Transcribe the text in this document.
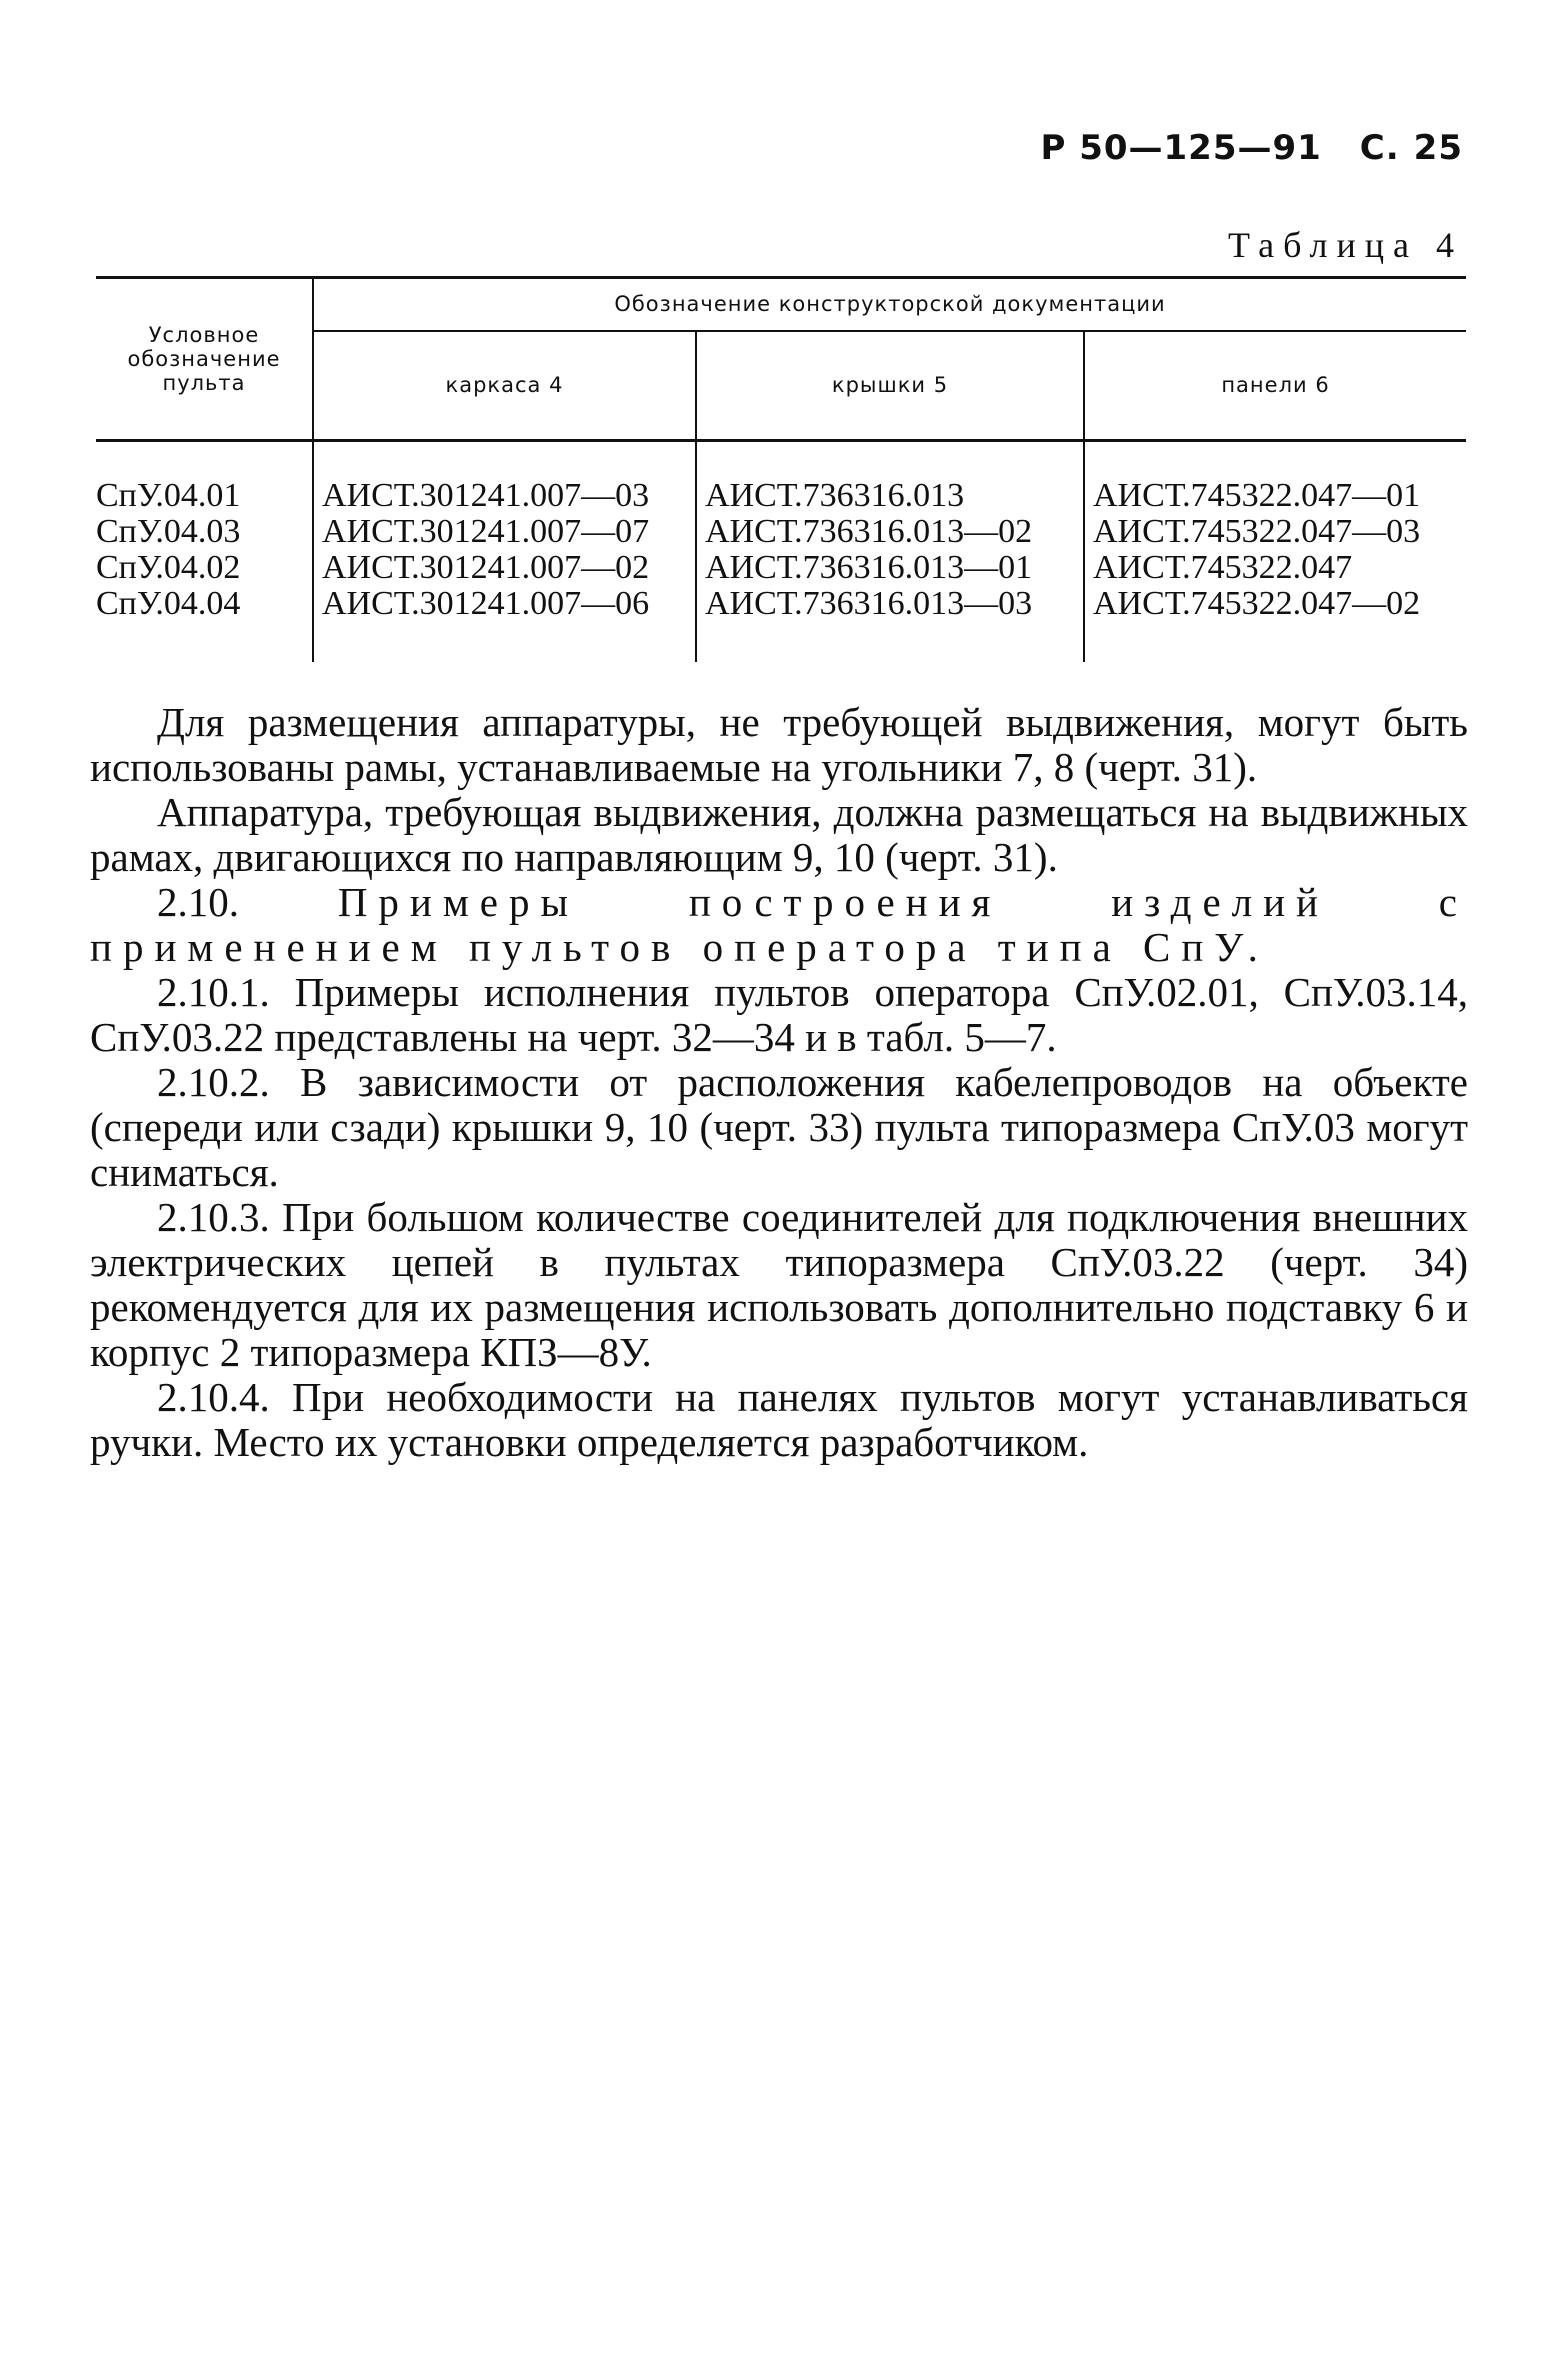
Р 50—125—91 С. 25
Таблица 4
Условное обозначение пульта	Обозначение конструкторской документации		
	каркаса 4	крышки 5	панели 6
СпУ.04.01	АИСТ.301241.007—03	АИСТ.736316.013	АИСТ.745322.047—01
СпУ.04.03	АИСТ.301241.007—07	АИСТ.736316.013—02	АИСТ.745322.047—03
СпУ.04.02	АИСТ.301241.007—02	АИСТ.736316.013—01	АИСТ.745322.047
СпУ.04.04	АИСТ.301241.007—06	АИСТ.736316.013—03	АИСТ.745322.047—02

Для размещения аппаратуры, не требующей выдвижения, могут быть использованы рамы, устанавливаемые на угольники 7, 8 (черт. 31).

Аппаратура, требующая выдвижения, должна размещаться на выдвижных рамах, двигающихся по направляющим 9, 10 (черт. 31).

2.10. Примеры построения изделий с применением пультов оператора типа СпУ.

2.10.1. Примеры исполнения пультов оператора СпУ.02.01, СпУ.03.14, СпУ.03.22 представлены на черт. 32—34 и в табл. 5—7.

2.10.2. В зависимости от расположения кабелепроводов на объекте (спереди или сзади) крышки 9, 10 (черт. 33) пульта типоразмера СпУ.03 могут сниматься.

2.10.3. При большом количестве соединителей для подключения внешних электрических цепей в пультах типоразмера СпУ.03.22 (черт. 34) рекомендуется для их размещения использовать дополнительно подставку 6 и корпус 2 типоразмера КПЗ—8У.

2.10.4. При необходимости на панелях пультов могут устанавливаться ручки. Место их установки определяется разработчиком.
